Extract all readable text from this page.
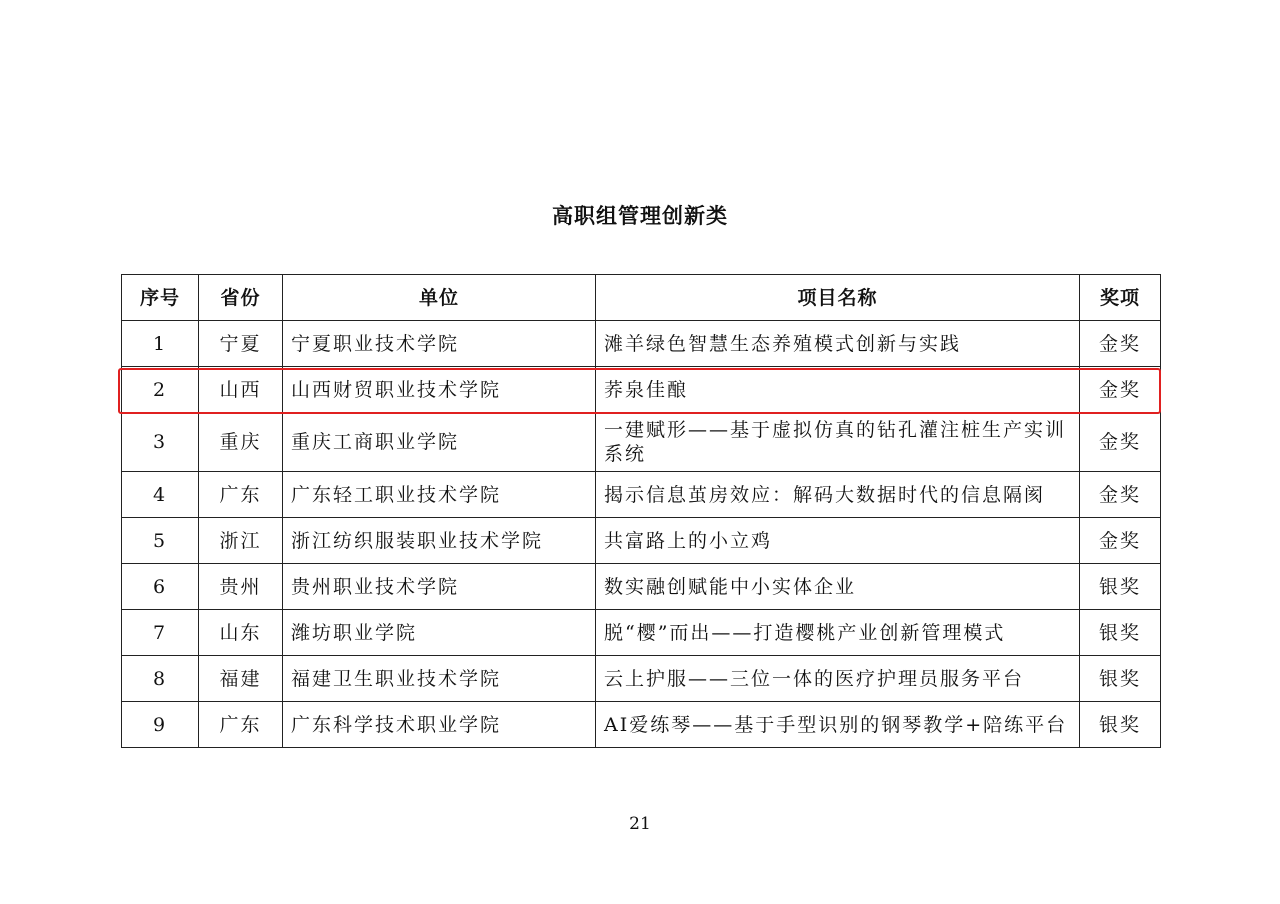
高职组管理创新类
序号	省份	单位	项目名称	奖项
1	宁夏	宁夏职业技术学院	滩羊绿色智慧生态养殖模式创新与实践	金奖
2	山西	山西财贸职业技术学院	荞泉佳酿	金奖
3	重庆	重庆工商职业学院	一建赋形——基于虚拟仿真的钻孔灌注桩生产实训系统	金奖
4	广东	广东轻工职业技术学院	揭示信息茧房效应：解码大数据时代的信息隔阂	金奖
5	浙江	浙江纺织服装职业技术学院	共富路上的小立鸡	金奖
6	贵州	贵州职业技术学院	数实融创赋能中小实体企业	银奖
7	山东	潍坊职业学院	脱“樱”而出——打造樱桃产业创新管理模式	银奖
8	福建	福建卫生职业技术学院	云上护服——三位一体的医疗护理员服务平台	银奖
9	广东	广东科学技术职业学院	AI爱练琴——基于手型识别的钢琴教学+陪练平台	银奖
21
